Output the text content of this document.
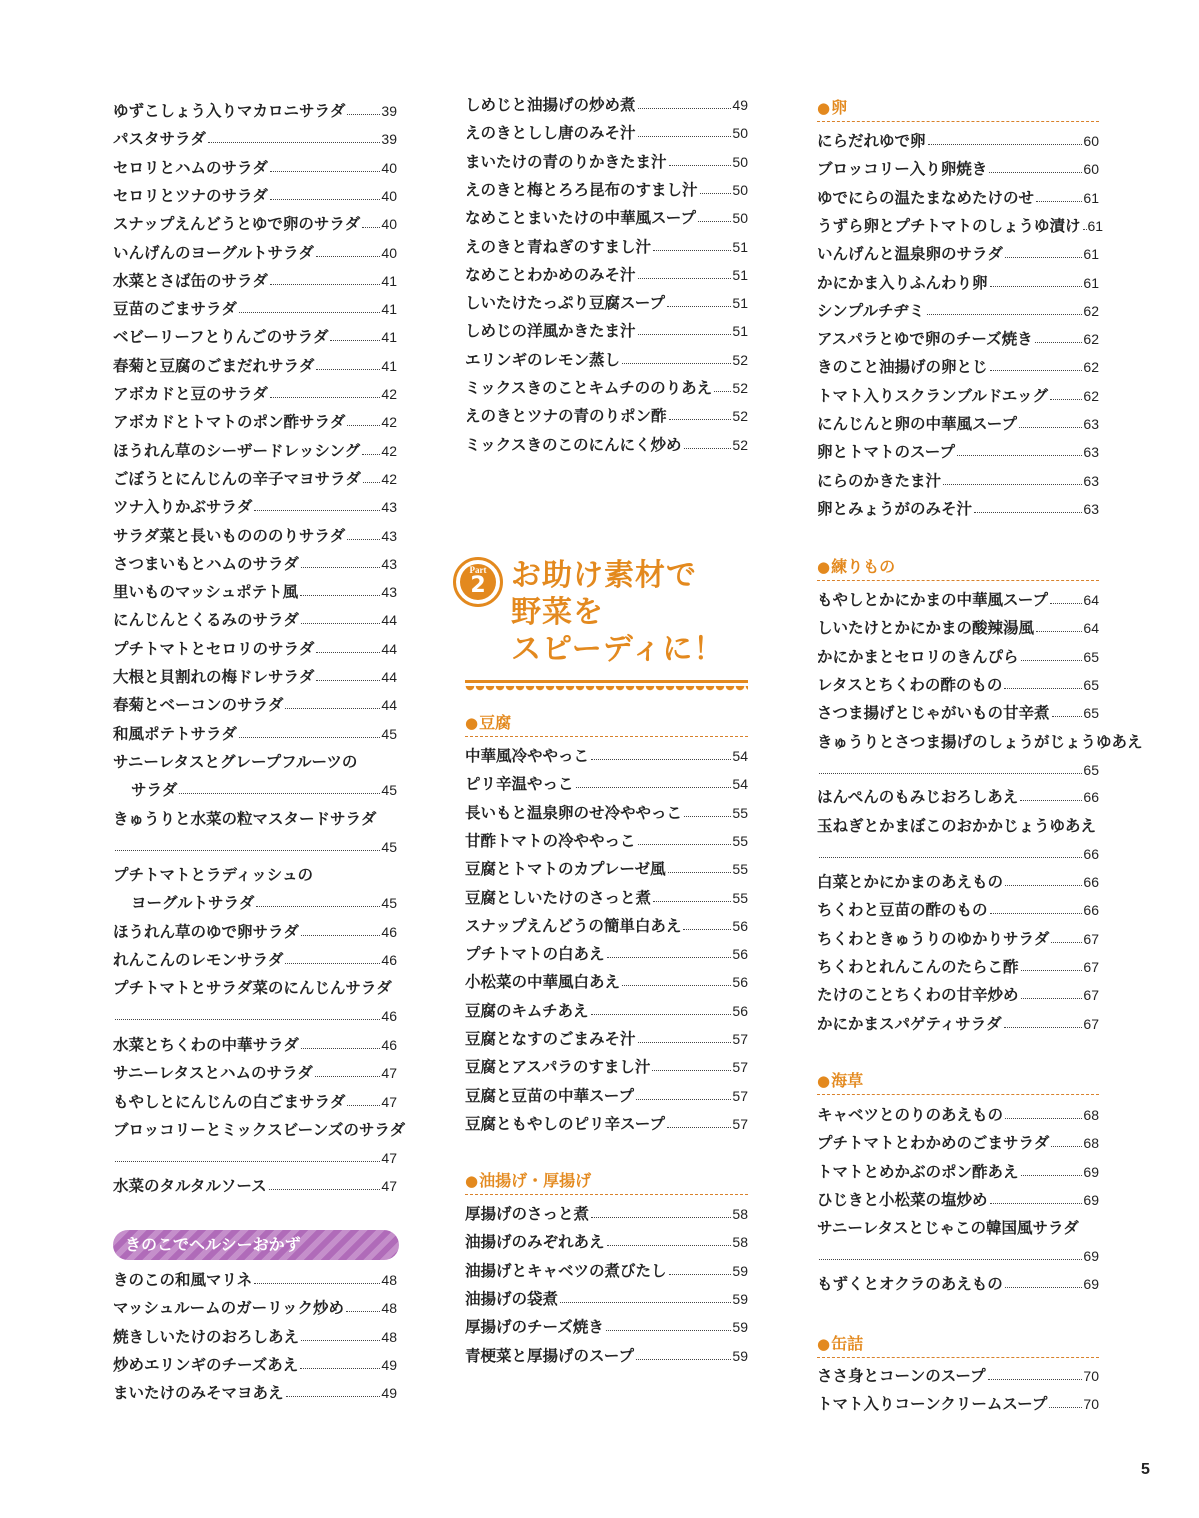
ゆずこしょう入りマカロニサラダ	39
パスタサラダ	39
セロリとハムのサラダ	40
セロリとツナのサラダ	40
スナップえんどうとゆで卵のサラダ 40
いんげんのヨーグルトサラダ	40
水菜とさば缶のサラダ	41
豆苗のごまサラダ	41
ベビーリーフとりんごのサラダ	41
春菊と豆腐のごまだれサラダ	41
アボカドと豆のサラダ	42
アボカドとトマトのポン酢サラダ	42
ほうれん草のシーザードレッシング 42
ごぼうとにんじんの辛子マヨサラダ 42
ツナ入りかぶサラダ	43
サラダ菜と長いものののりサラダ	43
さつまいもとハムのサラダ	43
里いものマッシュポテト風	43
にんじんとくるみのサラダ	44
プチトマトとセロリのサラダ	44
大根と貝割れの梅ドレサラダ	44
春菊とベーコンのサラダ	44
和風ポテトサラダ	45
サニーレタスとグレープフルーツの
サラダ	45
きゅうりと水菜の粒マスタードサラダ
45
プチトマトとラディッシュの
ヨーグルトサラダ	45
ほうれん草のゆで卵サラダ	46
れんこんのレモンサラダ	46
プチトマトとサラダ菜のにんじんサラダ
46
水菜とちくわの中華サラダ	46
サニーレタスとハムのサラダ	47
もやしとにんじんの白ごまサラダ	47
ブロッコリーとミックスビーンズのサラダ
47
水菜のタルタルソース	47
きのこでヘルシーおかず
きのこの和風マリネ	48
マッシュルームのガーリック炒め	48
焼きしいたけのおろしあえ	48
炒めエリンギのチーズあえ	49
まいたけのみそマヨあえ	49
Part
2 お助け素材で
野菜を
スピーディに！
しめじと油揚げの炒め煮	49
えのきとしし唐のみそ汁	50
まいたけの青のりかきたま汁	50
えのきと梅とろろ昆布のすまし汁 50
なめことまいたけの中華風スープ	50
えのきと青ねぎのすまし汁	51
なめことわかめのみそ汁	51
しいたけたっぷり豆腐スープ	51
しめじの洋風かきたま汁	51
エリンギのレモン蒸し	52
ミックスきのことキムチののりあえ 52
えのきとツナの青のりポン酢	52
ミックスきのこのにんにく炒め	52
●豆腐
中華風冷ややっこ	54
ピリ辛温やっこ	54
長いもと温泉卵のせ冷ややっこ	55
甘酢トマトの冷ややっこ	55
豆腐とトマトのカプレーゼ風	55
豆腐としいたけのさっと煮	55
スナップえんどうの簡単白あえ	56
プチトマトの白あえ	56
小松菜の中華風白あえ	56
豆腐のキムチあえ	56
豆腐となすのごまみそ汁	57
豆腐とアスパラのすまし汁	57
豆腐と豆苗の中華スープ	57
豆腐ともやしのピリ辛スープ	57
●油揚げ・厚揚げ
厚揚げのさっと煮	58
油揚げのみぞれあえ	58
油揚げとキャベツの煮びたし	59
油揚げの袋煮	59
厚揚げのチーズ焼き	59
青梗菜と厚揚げのスープ	59
●卵
にらだれゆで卵	60
ブロッコリー入り卵焼き	60
ゆでにらの温たまなめたけのせ	61
うずら卵とプチトマトのしょうゆ漬け 61
いんげんと温泉卵のサラダ	61
かにかま入りふんわり卵	61
シンプルチヂミ	62
アスパラとゆで卵のチーズ焼き	62
きのこと油揚げの卵とじ	62
トマト入りスクランブルドエッグ	62
にんじんと卵の中華風スープ	63
卵とトマトのスープ	63
にらのかきたま汁	63
卵とみょうがのみそ汁	63
●練りもの
もやしとかにかまの中華風スープ	64
しいたけとかにかまの酸辣湯風	64
かにかまとセロリのきんぴら	65
レタスとちくわの酢のもの	65
さつま揚げとじゃがいもの甘辛煮 65
きゅうりとさつま揚げのしょうがじょうゆあえ
65
はんぺんのもみじおろしあえ	66
玉ねぎとかまぼこのおかかじょうゆあえ
66
白菜とかにかまのあえもの	66
ちくわと豆苗の酢のもの	66
ちくわときゅうりのゆかりサラダ 67
ちくわとれんこんのたらこ酢	67
たけのことちくわの甘辛炒め	67
かにかまスパゲティサラダ	67
●海草
キャベツとのりのあえもの	68
プチトマトとわかめのごまサラダ 68
トマトとめかぶのポン酢あえ	69
ひじきと小松菜の塩炒め	69
サニーレタスとじゃこの韓国風サラダ
69
もずくとオクラのあえもの	69
●缶詰
ささ身とコーンのスープ	70
トマト入りコーンクリームスープ	70
5
